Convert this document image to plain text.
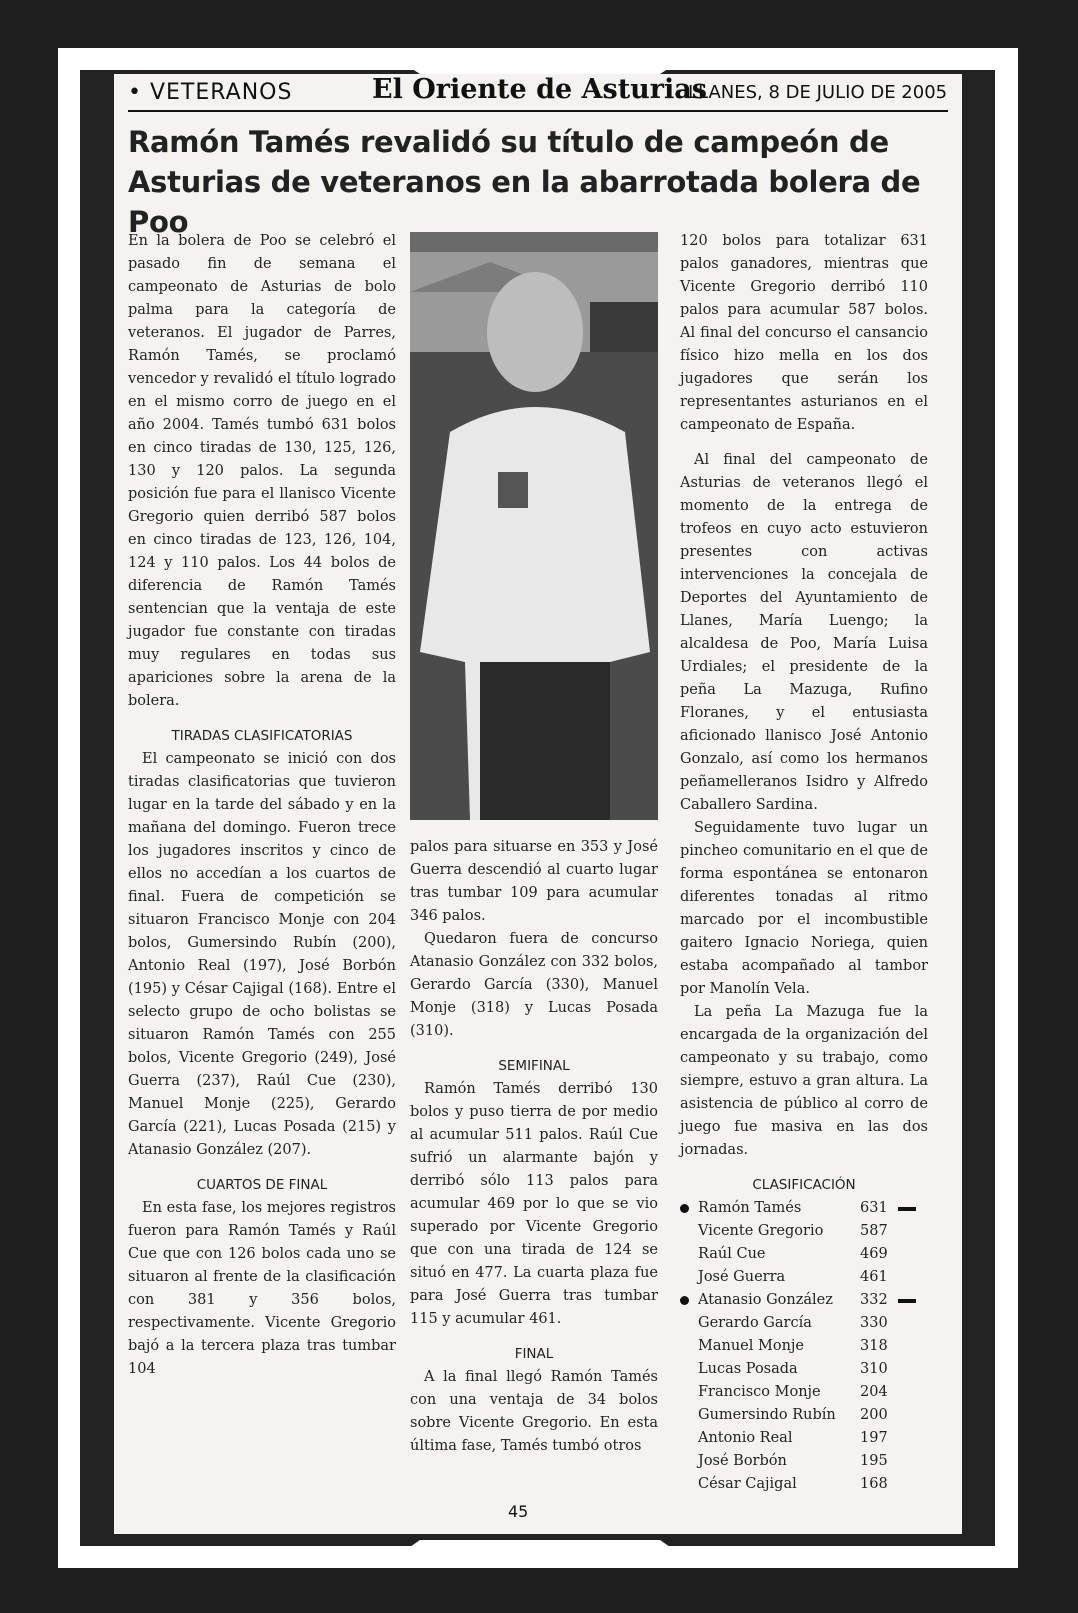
• VETERANOS	El Oriente de Asturias
LLANES, 8 DE JULIO DE 2005
Ramón Tamés revalidó su título de campeón de Asturias de veteranos en la abarrotada bolera de Poo

En la bolera de Poo se celebró el pasado fin de semana el campeonato de Asturias de bolo palma para la categoría de veteranos. El jugador de Parres, Ramón Tamés, se proclamó vencedor y revalidó el título logrado en el mismo corro de juego en el año 2004. Tamés tumbó 631 bolos en cinco tiradas de 130, 125, 126, 130 y 120 palos. La segunda posición fue para el llanisco Vicente Gregorio quien derribó 587 bolos en cinco tiradas de 123, 126, 104, 124 y 110 palos. Los 44 bolos de diferencia de Ramón Tamés sentencian que la ventaja de este jugador fue constante con tiradas muy regulares en todas sus apariciones sobre la arena de la bolera.

TIRADAS CLASIFICATORIAS

El campeonato se inició con dos tiradas clasificatorias que tuvieron lugar en la tarde del sábado y en la mañana del domingo. Fueron trece los jugadores inscritos y cinco de ellos no accedían a los cuartos de final. Fuera de competición se situaron Francisco Monje con 204 bolos, Gumersindo Rubín (200), Antonio Real (197), José Borbón (195) y César Cajigal (168). Entre el selecto grupo de ocho bolistas se situaron Ramón Tamés con 255 bolos, Vicente Gregorio (249), José Guerra (237), Raúl Cue (230), Manuel Monje (225), Gerardo García (221), Lucas Posada (215) y Atanasio González (207).

CUARTOS DE FINAL

En esta fase, los mejores registros fueron para Ramón Tamés y Raúl Cue que con 126 bolos cada uno se situaron al frente de la clasificación con 381 y 356 bolos, respectivamente. Vicente Gregorio bajó a la tercera plaza tras tumbar 104

palos para situarse en 353 y José Guerra descendió al cuarto lugar tras tumbar 109 para acumular 346 palos.

Quedaron fuera de concurso Atanasio González con 332 bolos, Gerardo García (330), Manuel Monje (318) y Lucas Posada (310).

SEMIFINAL

Ramón Tamés derribó 130 bolos y puso tierra de por medio al acumular 511 palos. Raúl Cue sufrió un alarmante bajón y derribó sólo 113 palos para acumular 469 por lo que se vio superado por Vicente Gregorio que con una tirada de 124 se situó en 477. La cuarta plaza fue para José Guerra tras tumbar 115 y acumular 461.

FINAL

A la final llegó Ramón Tamés con una ventaja de 34 bolos sobre Vicente Gregorio. En esta última fase, Tamés tumbó otros

120 bolos para totalizar 631 palos ganadores, mientras que Vicente Gregorio derribó 110 palos para acumular 587 bolos. Al final del concurso el cansancio físico hizo mella en los dos jugadores que serán los representantes asturianos en el campeonato de España.

Al final del campeonato de Asturias de veteranos llegó el momento de la entrega de trofeos en cuyo acto estuvieron presentes con activas intervenciones la concejala de Deportes del Ayuntamiento de Llanes, María Luengo; la alcaldesa de Poo, María Luisa Urdiales; el presidente de la peña La Mazuga, Rufino Floranes, y el entusiasta aficionado llanisco José Antonio Gonzalo, así como los hermanos peñamelleranos Isidro y Alfredo Caballero Sardina.

Seguidamente tuvo lugar un pincheo comunitario en el que de forma espontánea se entonaron diferentes tonadas al ritmo marcado por el incombustible gaitero Ignacio Noriega, quien estaba acompañado al tambor por Manolín Vela.

La peña La Mazuga fue la encargada de la organización del campeonato y su trabajo, como siempre, estuvo a gran altura. La asistencia de público al corro de juego fue masiva en las dos jornadas.

CLASIFICACIÓN
Ramón Tamés	631
Vicente Gregorio	587
Raúl Cue	469
José Guerra	461
Atanasio González 332
Gerardo García	330
Manuel Monje	318
Lucas Posada	310
Francisco Monje	204
Gumersindo Rubín 200
Antonio Real	197
José Borbón	195
César Cajigal	168
45
